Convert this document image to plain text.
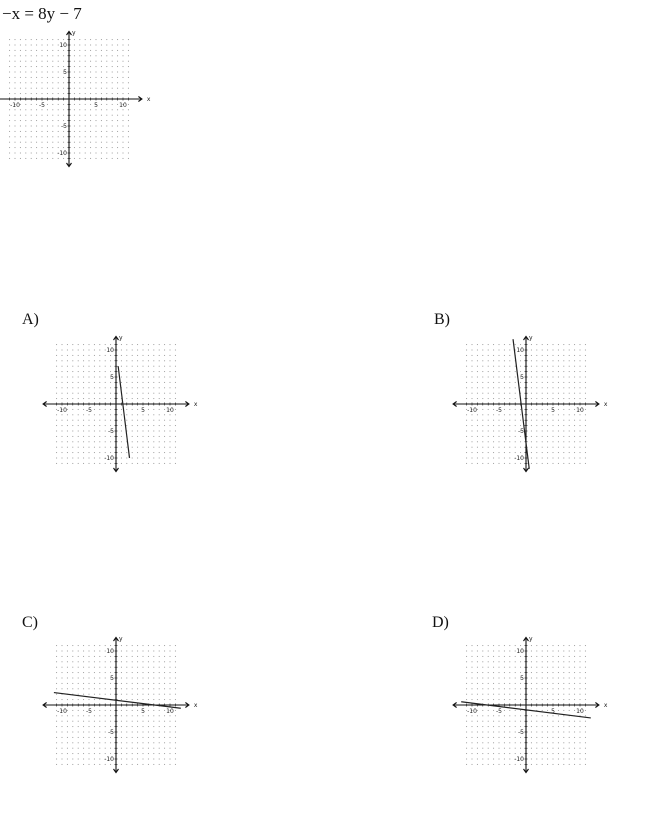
−x = 8y − 7
x
y
-10	-5	5	10
10
5
-5
-10
A)
x
y
-10	-5	5	10
10
5
-5
-10
B)
x
y
-10	-5	5	10
10
5
-5
-10
C)
x
y
-10	-5	5	10
10
5
-5
-10
D)
x
y
-10	-5	5	10
10
5
-5
-10
